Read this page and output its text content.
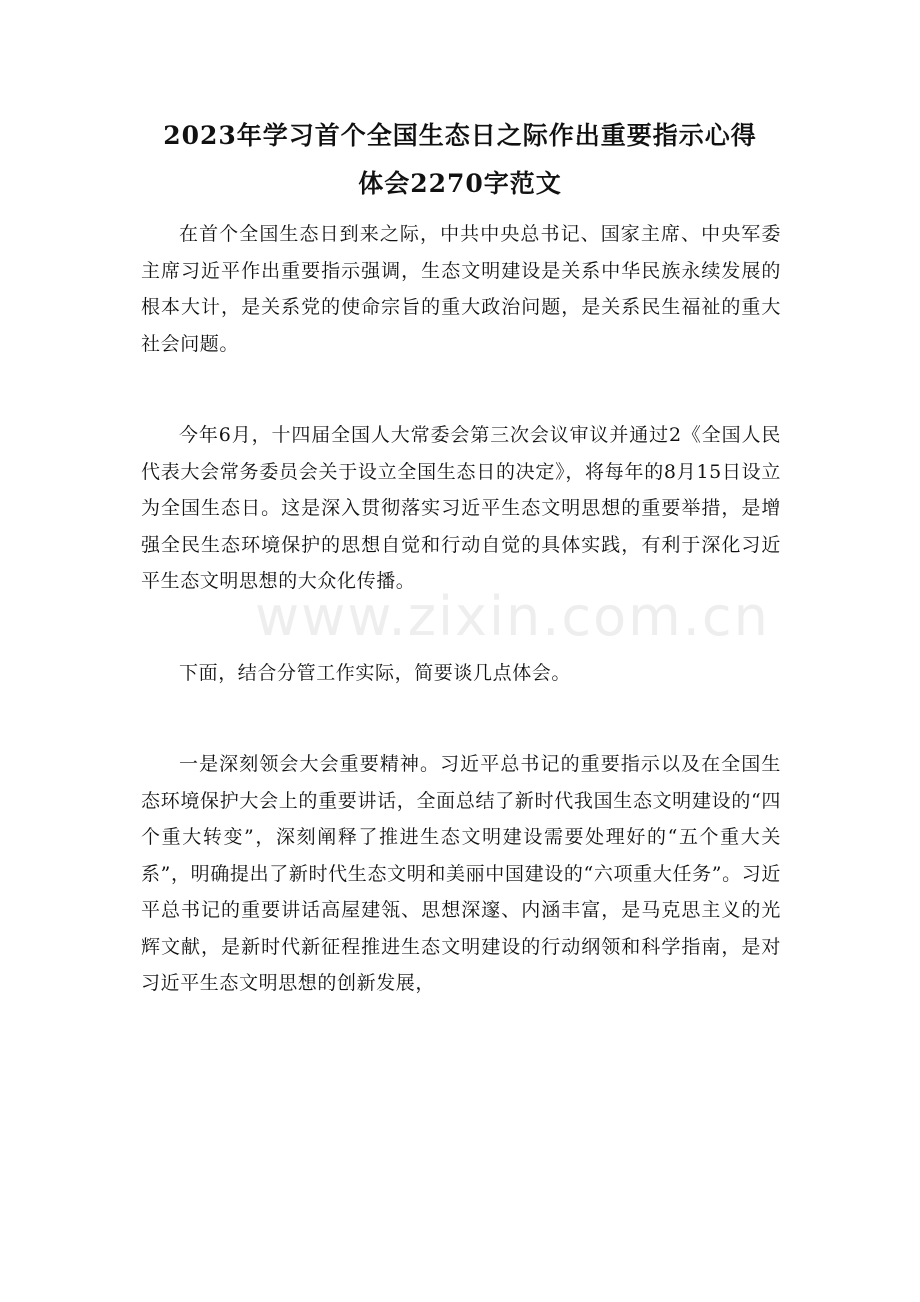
2023年学习首个全国生态日之际作出重要指示心得
体会2270字范文

在首个全国生态日到来之际，中共中央总书记、国家主席、中央军委主席习近平作出重要指示强调，生态文明建设是关系中华民族永续发展的根本大计，是关系党的使命宗旨的重大政治问题，是关系民生福祉的重大社会问题。

今年6月，十四届全国人大常委会第三次会议审议并通过2《全国人民代表大会常务委员会关于设立全国生态日的决定》，将每年的8月15日设立为全国生态日。这是深入贯彻落实习近平生态文明思想的重要举措，是增强全民生态环境保护的思想自觉和行动自觉的具体实践，有利于深化习近平生态文明思想的大众化传播。

下面，结合分管工作实际，简要谈几点体会。

一是深刻领会大会重要精神。习近平总书记的重要指示以及在全国生态环境保护大会上的重要讲话，全面总结了新时代我国生态文明建设的“四个重大转变”，深刻阐释了推进生态文明建设需要处理好的“五个重大关系”，明确提出了新时代生态文明和美丽中国建设的“六项重大任务”。习近平总书记的重要讲话高屋建瓴、思想深邃、内涵丰富，是马克思主义的光辉文献，是新时代新征程推进生态文明建设的行动纲领和科学指南，是对习近平生态文明思想的创新发展，

www.zixin.com.cn
